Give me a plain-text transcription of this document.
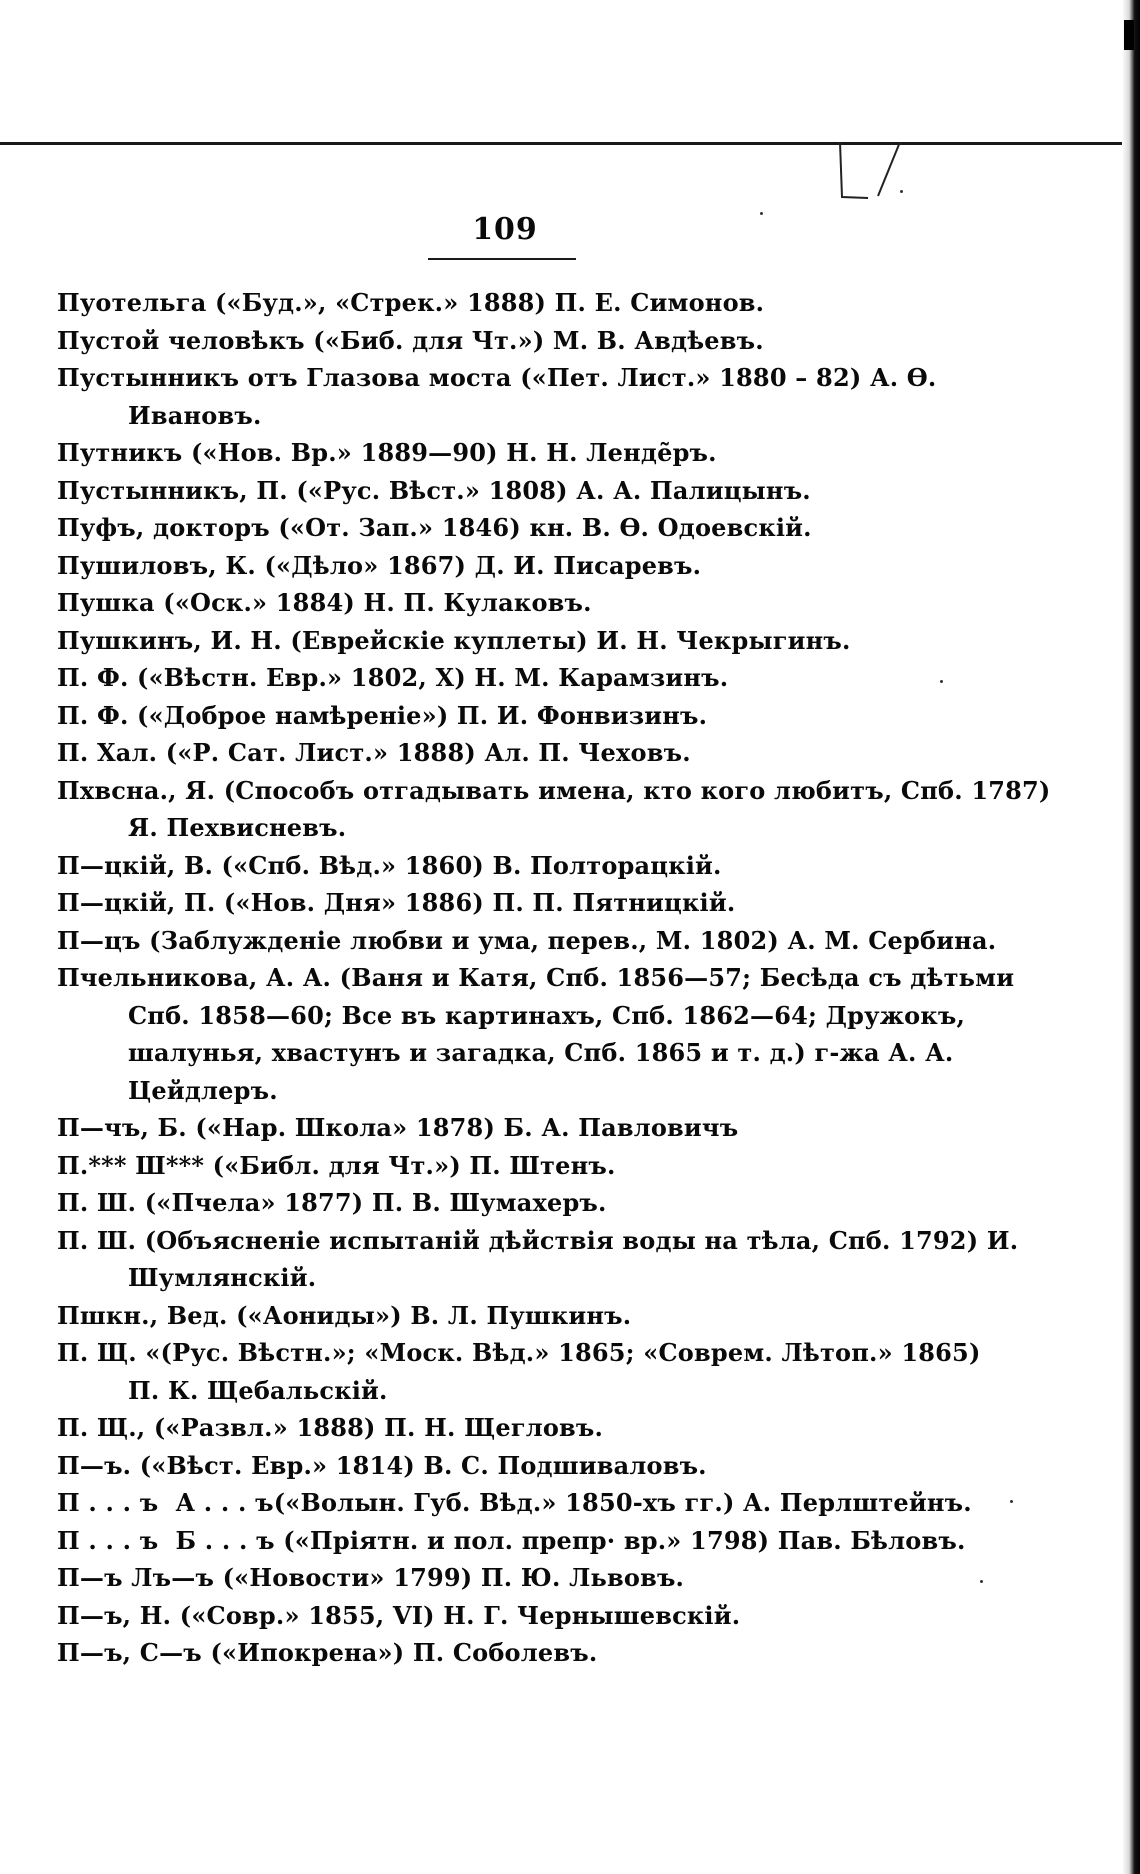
109
Пуотельга («Буд.», «Стрек.» 1888) П. Е. Симонов.
Пустой человѣкъ («Биб. для Чт.») М. В. Авдѣевъ.
Пустынникъ отъ Глазова моста («Пет. Лист.» 1880 – 82) А. Ѳ.
Ивановъ.
Путникъ («Нов. Вр.» 1889—90) Н. Н. Ленде̃ръ.
Пустынникъ, П. («Рус. Вѣст.» 1808) А. А. Палицынъ.
Пуфъ, докторъ («От. Зап.» 1846) кн. В. Ѳ. Одоевскій.
Пушиловъ, К. («Дѣло» 1867) Д. И. Писаревъ.
Пушка («Оск.» 1884) Н. П. Кулаковъ.
Пушкинъ, И. Н. (Еврейскіе куплеты) И. Н. Чекрыгинъ.
П. Ф. («Вѣстн. Евр.» 1802, X) Н. М. Карамзинъ.
П. Ф. («Доброе намѣреніе») П. И. Фонвизинъ.
П. Хал. («Р. Сат. Лист.» 1888) Ал. П. Чеховъ.
Пхвсна., Я. (Способъ отгадывать имена, кто кого любитъ, Спб. 1787)
Я. Пехвисневъ.
П—цкій, В. («Спб. Вѣд.» 1860) В. Полторацкій.
П—цкій, П. («Нов. Дня» 1886) П. П. Пятницкій.
П—цъ (Заблужденіе любви и ума, перев., М. 1802) А. М. Сербина.
Пчельникова, А. А. (Ваня и Катя, Спб. 1856—57; Бесѣда съ дѣтьми
Спб. 1858—60; Все въ картинахъ, Спб. 1862—64; Дружокъ,
шалунья, хвастунъ и загадка, Спб. 1865 и т. д.) г-жа А. А.
Цейдлеръ.
П—чъ, Б. («Нар. Школа» 1878) Б. А. Павловичъ
П.*** Ш*** («Библ. для Чт.») П. Штенъ.
П. Ш. («Пчела» 1877) П. В. Шумахеръ.
П. Ш. (Объясненіе испытаній дѣйствія воды на тѣла, Спб. 1792) И.
Шумлянскій.
Пшкн., Вед. («Аониды») В. Л. Пушкинъ.
П. Щ. «(Рус. Вѣстн.»; «Моск. Вѣд.» 1865; «Соврем. Лѣтоп.» 1865)
П. К. Щебальскій.
П. Щ., («Развл.» 1888) П. Н. Щегловъ.
П—ъ. («Вѣст. Евр.» 1814) В. С. Подшиваловъ.
П . . . ъ  А . . . ъ(«Волын. Губ. Вѣд.» 1850-хъ гг.) А. Перлштейнъ.
П . . . ъ  Б . . . ъ («Пріятн. и пол. препр· вр.» 1798) Пав. Бѣловъ.
П—ъ Лъ—ъ («Новости» 1799) П. Ю. Львовъ.
П—ъ, Н. («Совр.» 1855, VI) Н. Г. Чернышевскій.
П—ъ, С—ъ («Ипокрена») П. Соболевъ.
